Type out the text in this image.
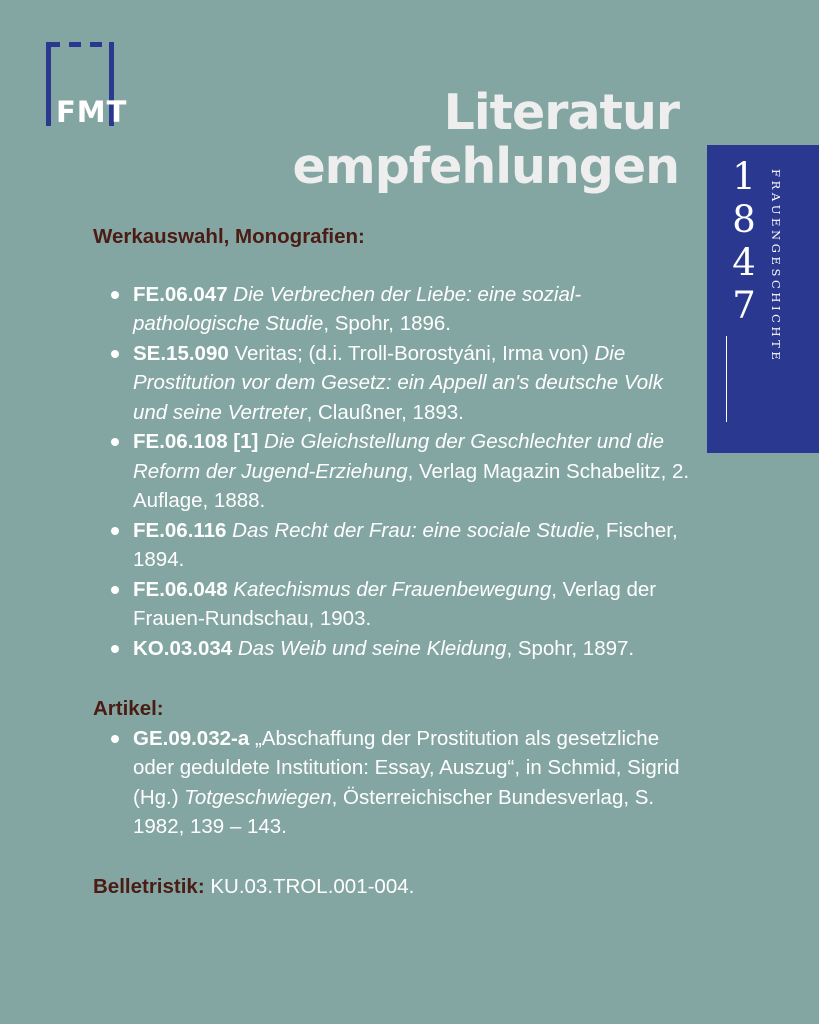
FMT	Literatur
empfehlungen 1
8
4
7	FRAUENGESCHICHTE

Werkauswahl, Monografien:

FE.06.047 Die Verbrechen der Liebe: eine sozial-pathologische Studie, Spohr, 1896.
SE.15.090 Veritas; (d.i. Troll-Borostyáni, Irma von) Die Prostitution vor dem Gesetz: ein Appell an's deutsche Volk und seine Vertreter, Claußner, 1893.
FE.06.108 [1] Die Gleichstellung der Geschlechter und die Reform der Jugend-Erziehung, Verlag Magazin Schabelitz, 2. Auflage, 1888.
FE.06.116 Das Recht der Frau: eine sociale Studie, Fischer, 1894.
FE.06.048 Katechismus der Frauenbewegung, Verlag der Frauen-Rundschau, 1903.
KO.03.034 Das Weib und seine Kleidung, Spohr, 1897.

Artikel:

GE.09.032-a „Abschaffung der Prostitution als gesetzliche oder geduldete Institution: Essay, Auszug“, in Schmid, Sigrid (Hg.) Totgeschwiegen, Österreichischer Bundesverlag, S. 1982, 139 – 143.

Belletristik: KU.03.TROL.001-004.
